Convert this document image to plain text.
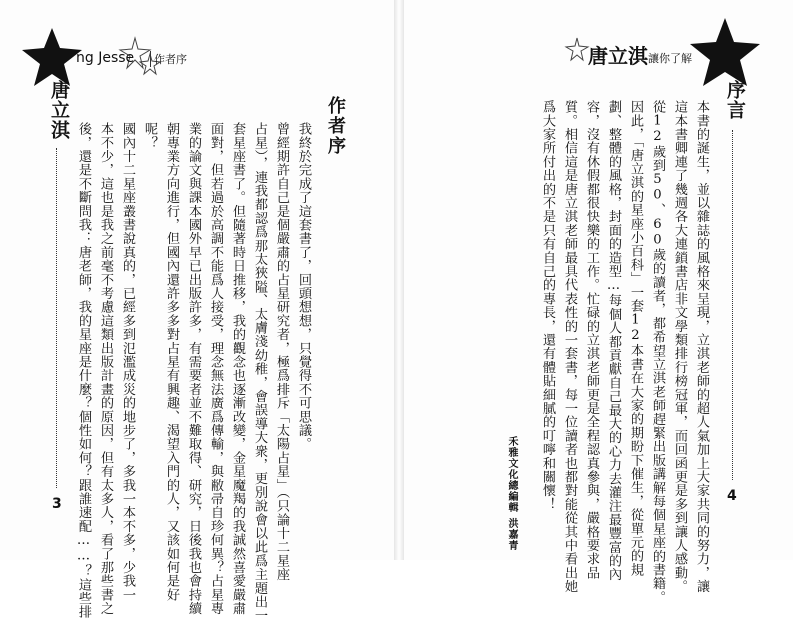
ng Jesse	作者序
唐立淇
3
作者序

我終於完成了這套書了，回頭想想，只覺得不可思議。

曾經期許自己是個嚴肅的占星研究者，極爲排斥「太陽占星」（只論十二星座

占星），連我都認爲那太狹隘、太膚淺幼稚，會誤導大衆，更別說會以此爲主題出一

套星座書了。但隨著時日推移，我的觀念也逐漸改變，金星魔羯的我誠然喜愛嚴肅

面對，但若過於高調不能爲人接受，理念無法廣爲傳輸，與敝帚自珍何異？占星專

業的論文與課本國外早已出版許多，有需要者並不難取得、研究，日後我也會持續

朝專業方向進行，但國內還許多多對占星有興趣、渴望入門的人，又該如何是好

呢？

國內十二星座叢書說真的，已經多到氾濫成災的地步了，多我一本不多，少我一

本不少，這也是我之前毫不考慮這類出版計畫的原因，但有太多人，看了那些書之

後，還是不斷問我：唐老師，我的星座是什麼？個性如何？跟誰速配……？這些排

唐立淇 讓你了解
序言
4

本書的誕生，並以雜誌的風格來呈現，立淇老師的超人氣加上大家共同的努力，讓

這本書卿連了幾週各大連鎖書店非文學類排行榜冠軍，而回函更是多到讓人感動。

從12歲到50、60歲的讀者，都希望立淇老師趕緊出版講解每個星座的書籍。

因此，「唐立淇的星座小百科」一套12本書在大家的期盼下催生，從單元的規

劃、整體的風格，封面的造型…每個人都貢獻自己最大的心力去灌注最豐富的內

容，沒有休假都很快樂的工作。忙碌的立淇老師更是全程認真參與，嚴格要求品

質。相信這是唐立淇老師最具代表性的一套書，每一位讀者也都對能從其中看出她

爲大家所付出的不是只有自己的專長，還有體貼細膩的叮嚀和關懷！

禾雅文化總編輯
洪嘉青
